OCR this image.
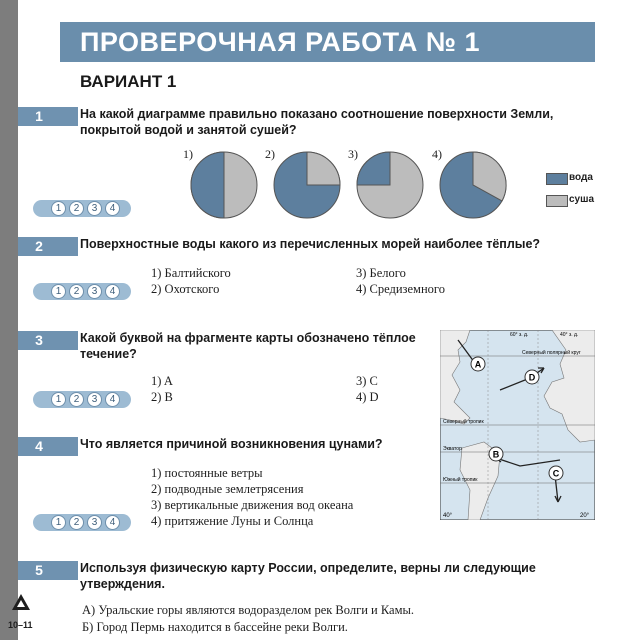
ПРОВЕРОЧНАЯ РАБОТА № 1
ВАРИАНТ 1
1	На какой диаграмме правильно показано соотношение поверхности Земли, покрытой водой и занятой сушей?
1)	2)	3)	4)
вода
суша
1	2	3	4
2	Поверхностные воды какого из перечисленных морей наиболее тёплые?
1) Балтийского
2) Охотского
3) Белого
4) Средиземного
1	2	3	4
3	Какой буквой на фрагменте карты обозначено тёплое течение?
1) A
2) B
3) C
4) D
1	2	3	4
60° з. д.	40° з. д.
Северный полярный круг
Северный тропик
Экватор
Южный тропик
40°	20°
A
B
C
D
4	Что является причиной возникновения цунами?
1) постоянные ветры
2) подводные землетрясения
3) вертикальные движения вод океана
4) притяжение Луны и Солнца
1	2	3	4
5	Используя физическую карту России, определите, верны ли следующие утверждения.
А) Уральские горы являются водоразделом рек Волги и Камы.
Б) Город Пермь находится в бассейне реки Волги.
10–11
